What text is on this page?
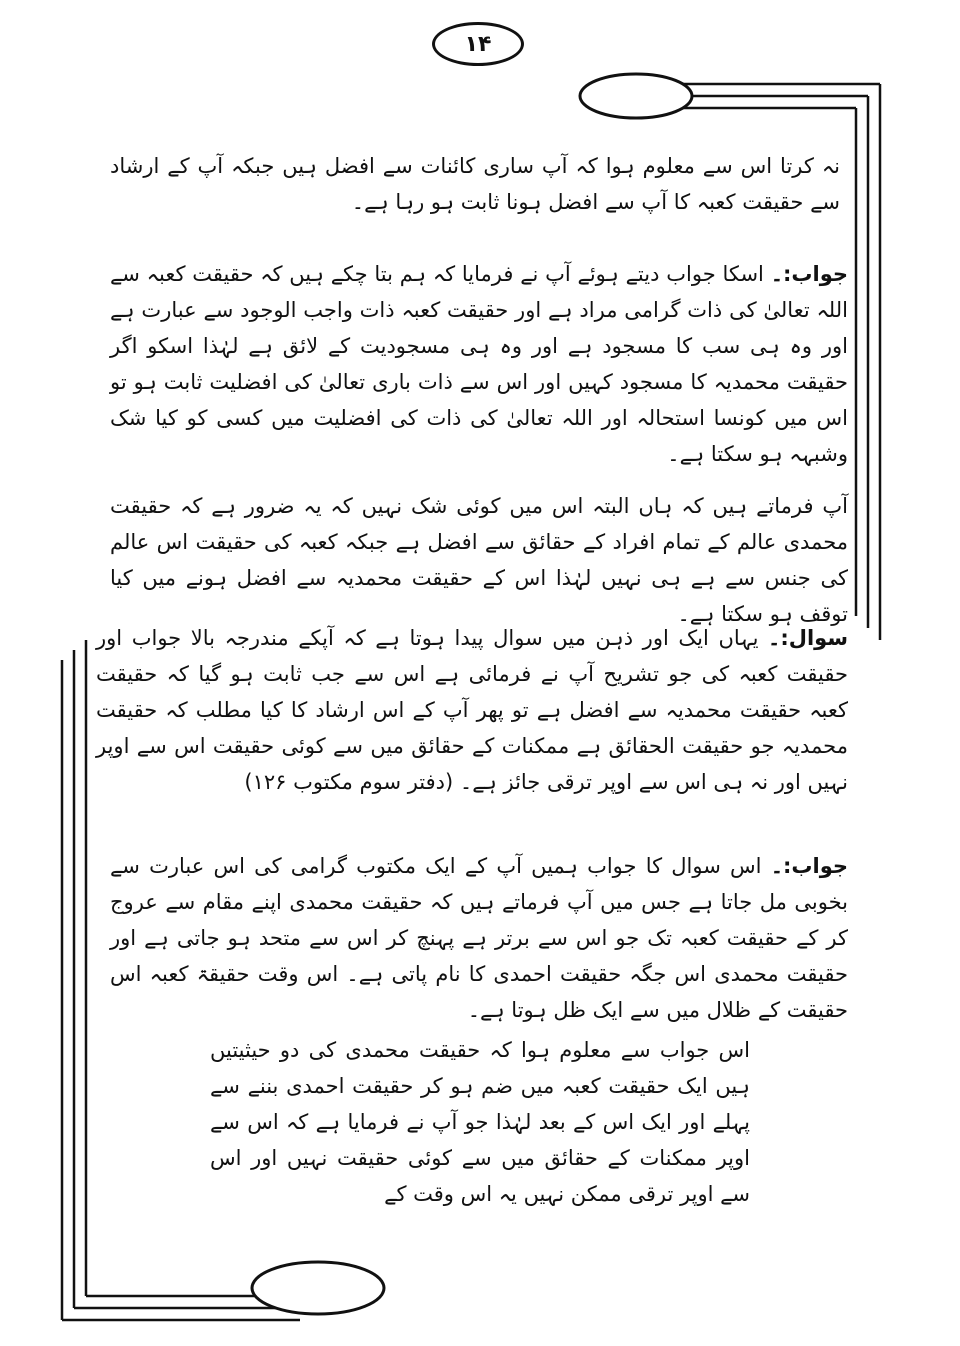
۱۴

نہ کرتا اس سے معلوم ہوا کہ آپ ساری کائنات سے افضل ہیں جبکہ آپ کے ارشاد سے حقیقت کعبہ کا آپ سے افضل ہونا ثابت ہو رہا ہے۔

جواب:۔ اسکا جواب دیتے ہوئے آپ نے فرمایا کہ ہم بتا چکے ہیں کہ حقیقت کعبہ سے اللہ تعالیٰ کی ذات گرامی مراد ہے اور حقیقت کعبہ ذات واجب الوجود سے عبارت ہے اور وہ ہی سب کا مسجود ہے اور وہ ہی مسجودیت کے لائق ہے لہٰذا اسکو اگر حقیقت محمدیہ کا مسجود کہیں اور اس سے ذات باری تعالیٰ کی افضلیت ثابت ہو تو اس میں کونسا استحالہ اور اللہ تعالیٰ کی ذات کی افضلیت میں کسی کو کیا شک وشبہہ ہو سکتا ہے۔

آپ فرماتے ہیں کہ ہاں البتہ اس میں کوئی شک نہیں کہ یہ ضرور ہے کہ حقیقت محمدی عالم کے تمام افراد کے حقائق سے افضل ہے جبکہ کعبہ کی حقیقت اس عالم کی جنس سے ہے ہی نہیں لہٰذا اس کے حقیقت محمدیہ سے افضل ہونے میں کیا توقف ہو سکتا ہے۔

سوال:۔ یہاں ایک اور ذہن میں سوال پیدا ہوتا ہے کہ آپکے مندرجہ بالا جواب اور حقیقت کعبہ کی جو تشریح آپ نے فرمائی ہے اس سے جب ثابت ہو گیا کہ حقیقت کعبہ حقیقت محمدیہ سے افضل ہے تو پھر آپ کے اس ارشاد کا کیا مطلب کہ حقیقت محمدیہ جو حقیقت الحقائق ہے ممکنات کے حقائق میں سے کوئی حقیقت اس سے اوپر نہیں اور نہ ہی اس سے اوپر ترقی جائز ہے۔ (دفتر سوم مکتوب ۱۲۶)

جواب:۔ اس سوال کا جواب ہمیں آپ کے ایک مکتوب گرامی کی اس عبارت سے بخوبی مل جاتا ہے جس میں آپ فرماتے ہیں کہ حقیقت محمدی اپنے مقام سے عروج کر کے حقیقت کعبہ تک جو اس سے برتر ہے پہنچ کر اس سے متحد ہو جاتی ہے اور حقیقت محمدی اس جگہ حقیقت احمدی کا نام پاتی ہے۔ اس وقت حقیقۃ کعبہ اس حقیقت کے ظلال میں سے ایک ظل ہوتا ہے۔

اس جواب سے معلوم ہوا کہ حقیقت محمدی کی دو حیثیتیں ہیں ایک حقیقت کعبہ میں ضم ہو کر حقیقت احمدی بننے سے پہلے اور ایک اس کے بعد لہٰذا جو آپ نے فرمایا ہے کہ اس سے اوپر ممکنات کے حقائق میں سے کوئی حقیقت نہیں اور اس سے اوپر ترقی ممکن نہیں یہ اس وقت کے
